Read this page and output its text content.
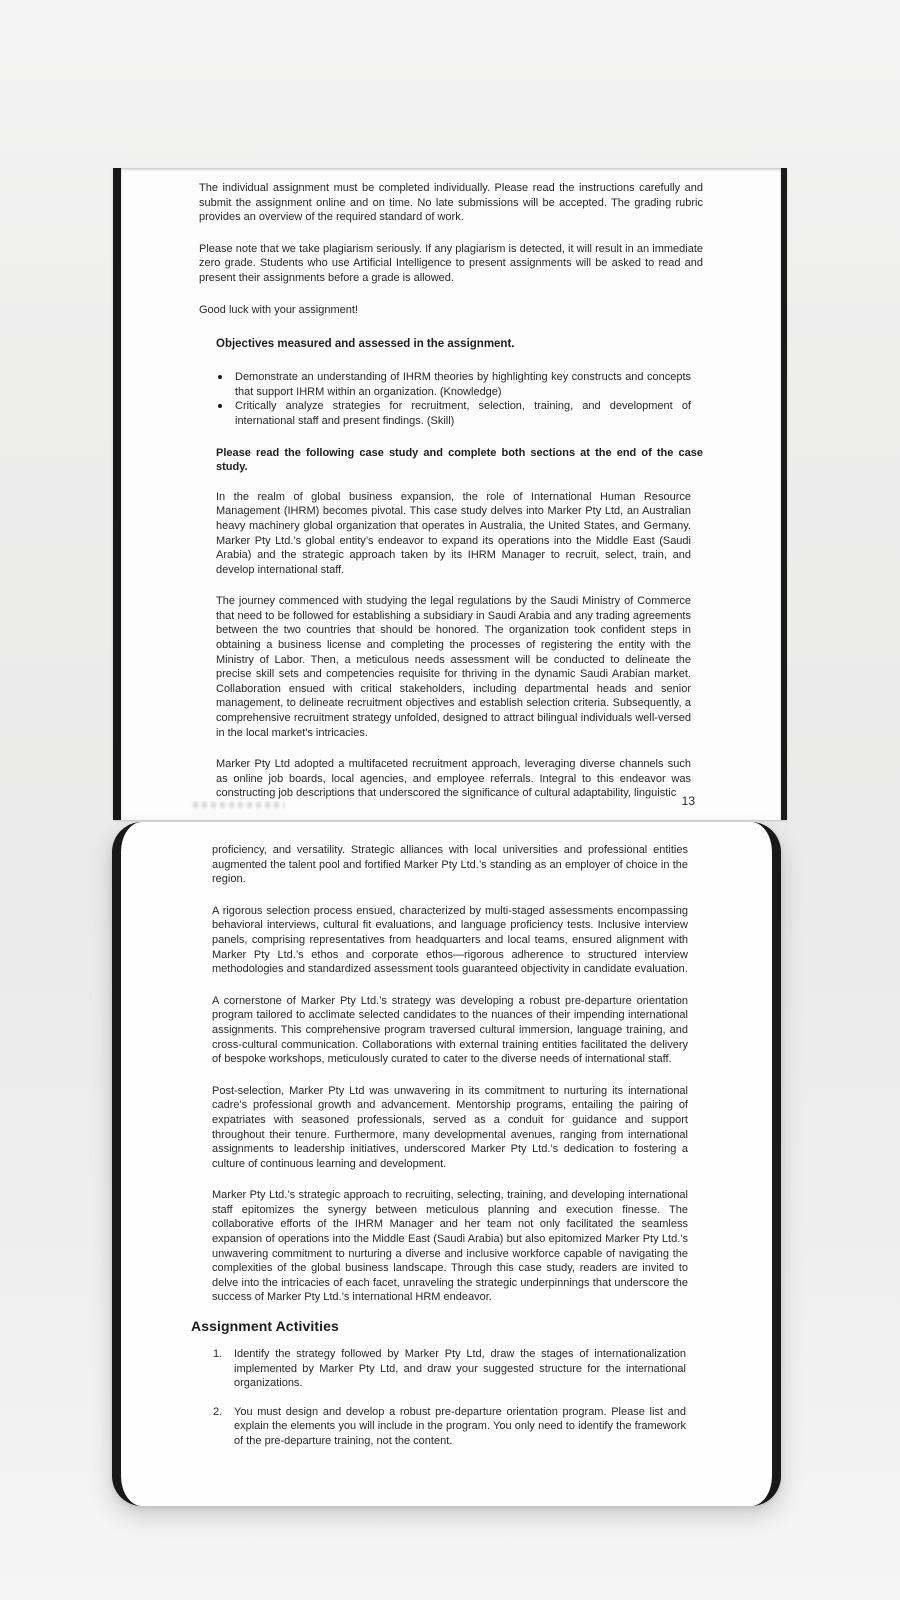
The individual assignment must be completed individually. Please read the instructions carefully and submit the assignment online and on time. No late submissions will be accepted. The grading rubric provides an overview of the required standard of work.

Please note that we take plagiarism seriously. If any plagiarism is detected, it will result in an immediate zero grade. Students who use Artificial Intelligence to present assignments will be asked to read and present their assignments before a grade is allowed.

Good luck with your assignment!

Objectives measured and assessed in the assignment.
Demonstrate an understanding of IHRM theories by highlighting key constructs and concepts that support IHRM within an organization. (Knowledge)
Critically analyze strategies for recruitment, selection, training, and development of international staff and present findings. (Skill)

Please read the following case study and complete both sections at the end of the case study.

In the realm of global business expansion, the role of International Human Resource Management (IHRM) becomes pivotal. This case study delves into Marker Pty Ltd, an Australian heavy machinery global organization that operates in Australia, the United States, and Germany. Marker Pty Ltd.’s global entity’s endeavor to expand its operations into the Middle East (Saudi Arabia) and the strategic approach taken by its IHRM Manager to recruit, select, train, and develop international staff.

The journey commenced with studying the legal regulations by the Saudi Ministry of Commerce that need to be followed for establishing a subsidiary in Saudi Arabia and any trading agreements between the two countries that should be honored. The organization took confident steps in obtaining a business license and completing the processes of registering the entity with the Ministry of Labor. Then, a meticulous needs assessment will be conducted to delineate the precise skill sets and competencies requisite for thriving in the dynamic Saudi Arabian market. Collaboration ensued with critical stakeholders, including departmental heads and senior management, to delineate recruitment objectives and establish selection criteria. Subsequently, a comprehensive recruitment strategy unfolded, designed to attract bilingual individuals well-versed in the local market's intricacies.

Marker Pty Ltd adopted a multifaceted recruitment approach, leveraging diverse channels such as online job boards, local agencies, and employee referrals. Integral to this endeavor was constructing job descriptions that underscored the significance of cultural adaptability, linguistic

13

proficiency, and versatility. Strategic alliances with local universities and professional entities augmented the talent pool and fortified Marker Pty Ltd.’s standing as an employer of choice in the region.

A rigorous selection process ensued, characterized by multi-staged assessments encompassing behavioral interviews, cultural fit evaluations, and language proficiency tests. Inclusive interview panels, comprising representatives from headquarters and local teams, ensured alignment with Marker Pty Ltd.’s ethos and corporate ethos—rigorous adherence to structured interview methodologies and standardized assessment tools guaranteed objectivity in candidate evaluation.

A cornerstone of Marker Pty Ltd.’s strategy was developing a robust pre-departure orientation program tailored to acclimate selected candidates to the nuances of their impending international assignments. This comprehensive program traversed cultural immersion, language training, and cross-cultural communication. Collaborations with external training entities facilitated the delivery of bespoke workshops, meticulously curated to cater to the diverse needs of international staff.

Post-selection, Marker Pty Ltd was unwavering in its commitment to nurturing its international cadre's professional growth and advancement. Mentorship programs, entailing the pairing of expatriates with seasoned professionals, served as a conduit for guidance and support throughout their tenure. Furthermore, many developmental avenues, ranging from international assignments to leadership initiatives, underscored Marker Pty Ltd.’s dedication to fostering a culture of continuous learning and development.

Marker Pty Ltd.’s strategic approach to recruiting, selecting, training, and developing international staff epitomizes the synergy between meticulous planning and execution finesse. The collaborative efforts of the IHRM Manager and her team not only facilitated the seamless expansion of operations into the Middle East (Saudi Arabia) but also epitomized Marker Pty Ltd.’s unwavering commitment to nurturing a diverse and inclusive workforce capable of navigating the complexities of the global business landscape. Through this case study, readers are invited to delve into the intricacies of each facet, unraveling the strategic underpinnings that underscore the success of Marker Pty Ltd.’s international HRM endeavor.

Assignment Activities
1.	Identify the strategy followed by Marker Pty Ltd, draw the stages of internationalization implemented by Marker Pty Ltd, and draw your suggested structure for the international organizations.
2.	You must design and develop a robust pre-departure orientation program. Please list and explain the elements you will include in the program. You only need to identify the framework of the pre-departure training, not the content.
